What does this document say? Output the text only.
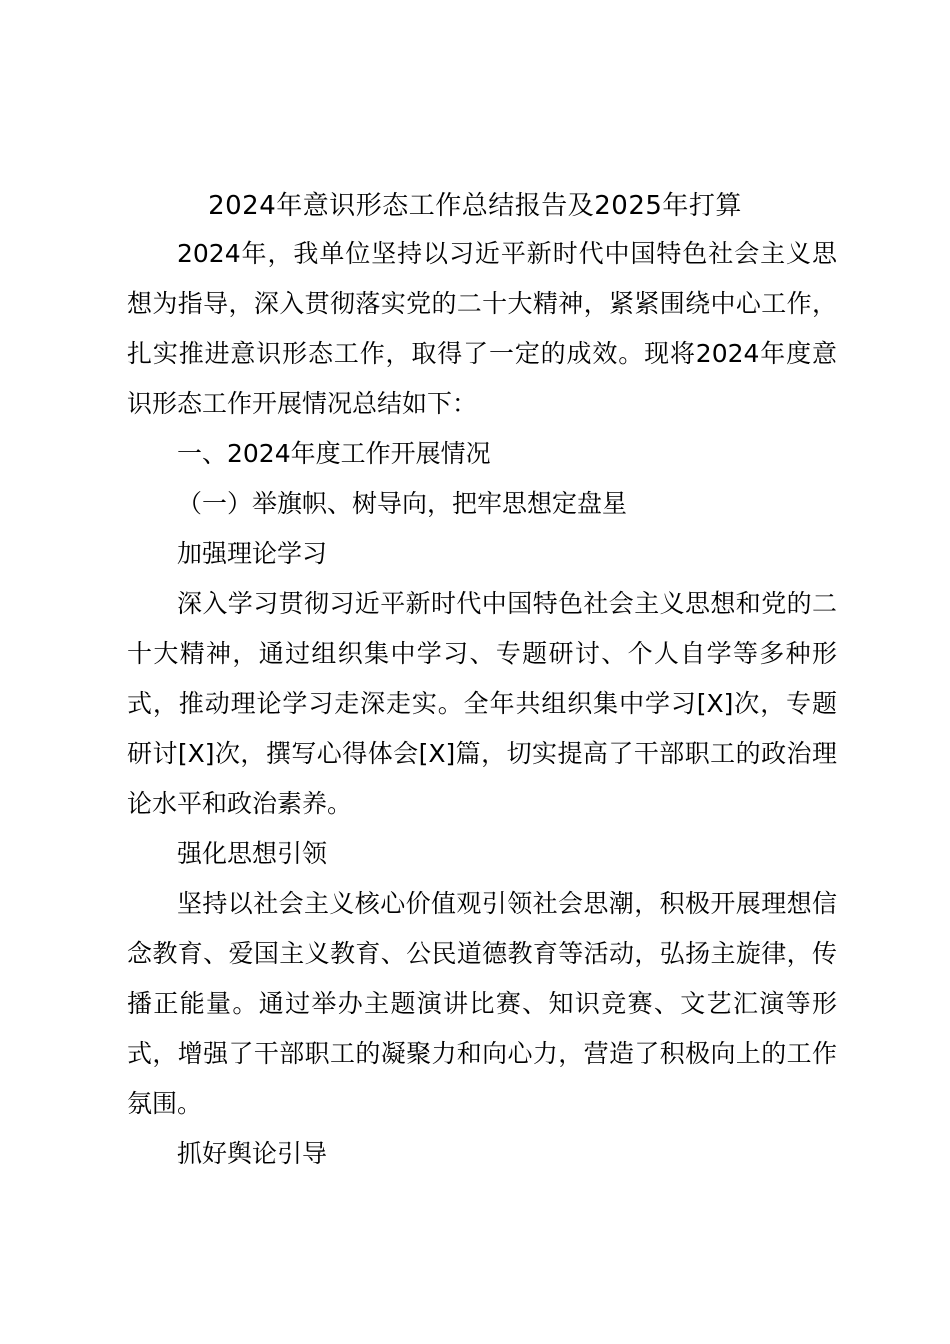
2024年意识形态工作总结报告及2025年打算

2024年，我单位坚持以习近平新时代中国特色社会主义思想为指导，深入贯彻落实党的二十大精神，紧紧围绕中心工作，扎实推进意识形态工作，取得了一定的成效。现将2024年度意识形态工作开展情况总结如下：

一、2024年度工作开展情况

（一）举旗帜、树导向，把牢思想定盘星

加强理论学习

深入学习贯彻习近平新时代中国特色社会主义思想和党的二十大精神，通过组织集中学习、专题研讨、个人自学等多种形式，推动理论学习走深走实。全年共组织集中学习[X]次，专题研讨[X]次，撰写心得体会[X]篇，切实提高了干部职工的政治理论水平和政治素养。

强化思想引领

坚持以社会主义核心价值观引领社会思潮，积极开展理想信念教育、爱国主义教育、公民道德教育等活动，弘扬主旋律，传播正能量。通过举办主题演讲比赛、知识竞赛、文艺汇演等形式，增强了干部职工的凝聚力和向心力，营造了积极向上的工作氛围。

抓好舆论引导
